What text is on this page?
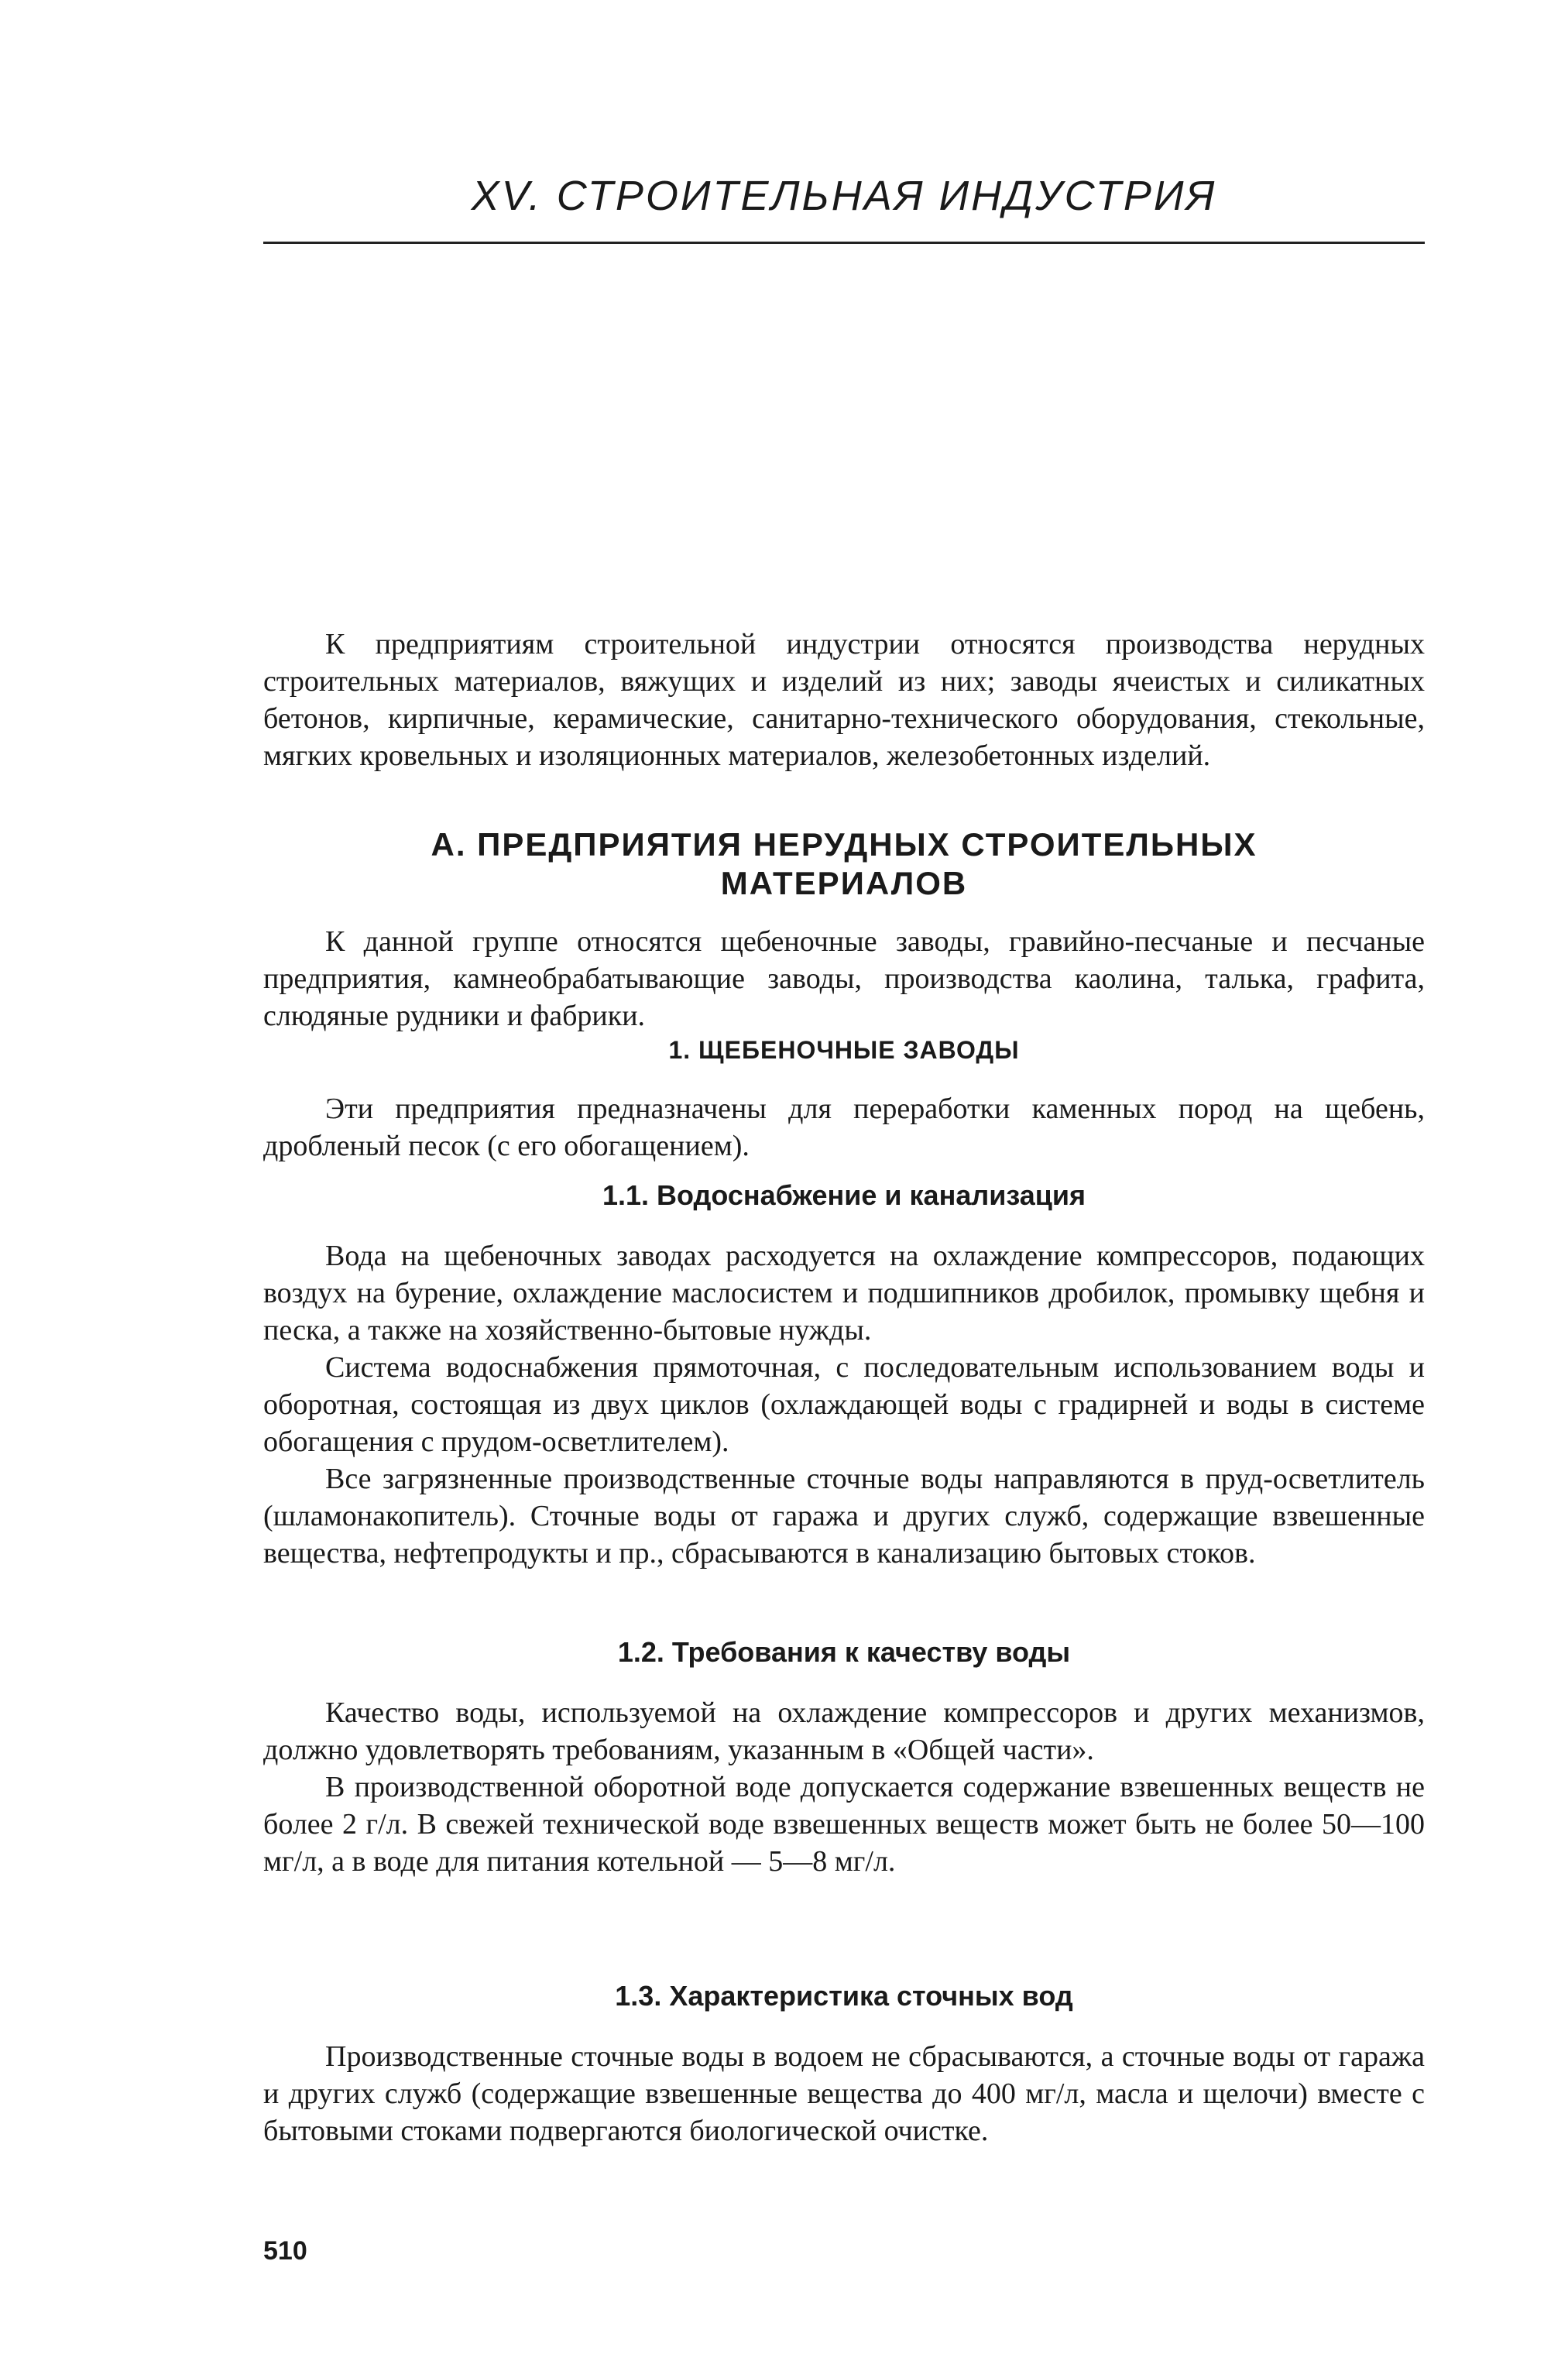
XV. СТРОИТЕЛЬНАЯ ИНДУСТРИЯ

К предприятиям строительной индустрии относятся производства нерудных строительных материалов, вяжущих и изделий из них; заводы ячеистых и силикатных бетонов, кирпичные, керамические, санитарно-технического оборудования, стекольные, мягких кровельных и изоляционных материалов, железобетонных изделий.

А. ПРЕДПРИЯТИЯ НЕРУДНЫХ СТРОИТЕЛЬНЫХ
МАТЕРИАЛОВ

К данной группе относятся щебеночные заводы, гравийно-песчаные и песчаные предприятия, камнеобрабатывающие заводы, производства каолина, талька, графита, слюдяные рудники и фабрики.

1. ЩЕБЕНОЧНЫЕ ЗАВОДЫ

Эти предприятия предназначены для переработки каменных пород на щебень, дробленый песок (с его обогащением).

1.1. Водоснабжение и канализация

Вода на щебеночных заводах расходуется на охлаждение компрессоров, подающих воздух на бурение, охлаждение маслосистем и подшипников дробилок, промывку щебня и песка, а также на хозяйственно-бытовые нужды.

Система водоснабжения прямоточная, с последовательным использованием воды и оборотная, состоящая из двух циклов (охлаждающей воды с градирней и воды в системе обогащения с прудом-осветлителем).

Все загрязненные производственные сточные воды направляются в пруд-осветлитель (шламонакопитель). Сточные воды от гаража и других служб, содержащие взвешенные вещества, нефтепродукты и пр., сбрасываются в канализацию бытовых стоков.

1.2. Требования к качеству воды

Качество воды, используемой на охлаждение компрессоров и других механизмов, должно удовлетворять требованиям, указанным в «Общей части».

В производственной оборотной воде допускается содержание взвешенных веществ не более 2 г/л. В свежей технической воде взвешенных веществ может быть не более 50—100 мг/л, а в воде для питания котельной — 5—8 мг/л.

1.3. Характеристика сточных вод

Производственные сточные воды в водоем не сбрасываются, а сточные воды от гаража и других служб (содержащие взвешенные вещества до 400 мг/л, масла и щелочи) вместе с бытовыми стоками подвергаются биологической очистке.

510
